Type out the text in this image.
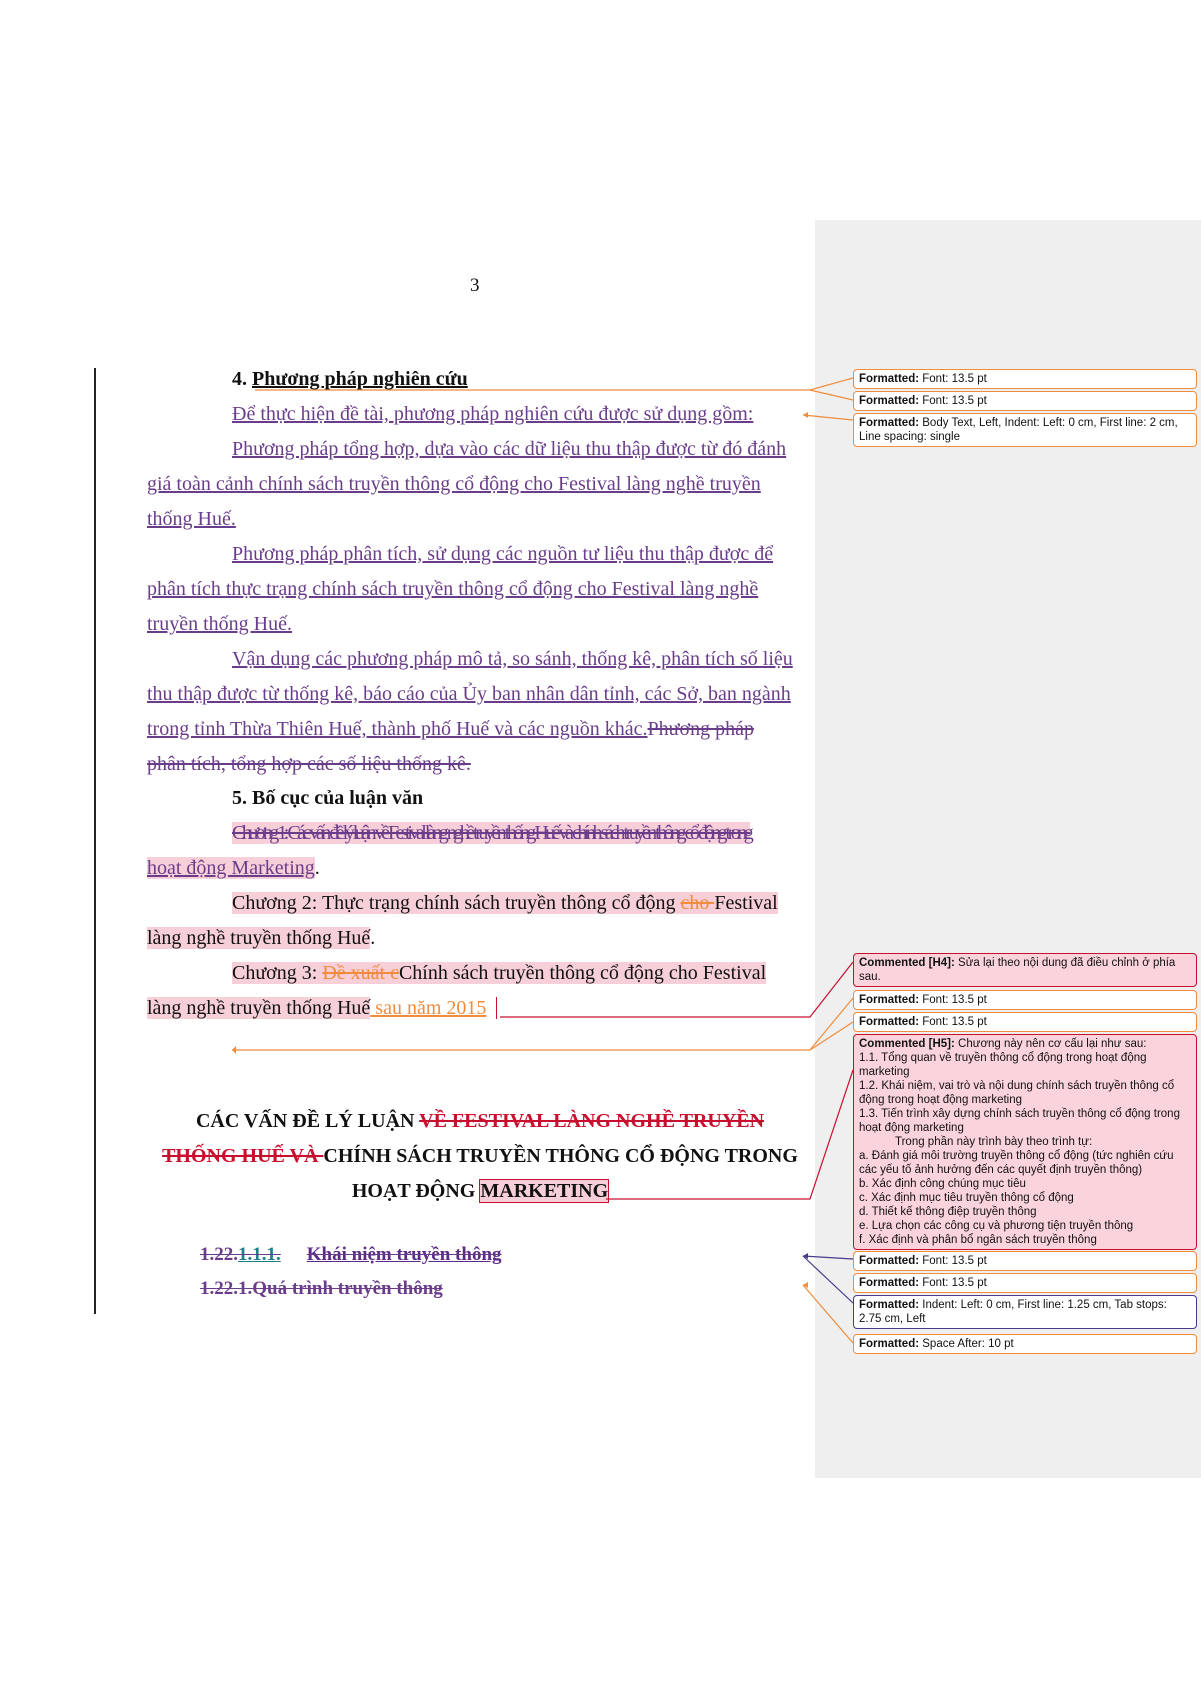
3
4. Phương pháp nghiên cứu
Để thực hiện đề tài, phương pháp nghiên cứu được sử dụng gồm:
Phương pháp tổng hợp, dựa vào các dữ liệu thu thập được từ đó đánh
giá toàn cảnh chính sách truyền thông cổ động cho Festival làng nghề truyền
thống Huế.
Phương pháp phân tích, sử dụng các nguồn tư liệu thu thập được để
phân tích thực trạng chính sách truyền thông cổ động cho Festival làng nghề
truyền thống Huế.
Vận dụng các phương pháp mô tả, so sánh, thống kê, phân tích số liệu
thu thập được từ thống kê, báo cáo của Ủy ban nhân dân tỉnh, các Sở, ban ngành
trong tỉnh Thừa Thiên Huế, thành phố Huế và các nguồn khác.Phương pháp
phân tích, tổng hợp các số liệu thống kê.
5. Bố cục của luận văn
Chương 1: Các vấn đề lý luận về Festival làng nghề truyền thống Huế và chính sách truyền thông cổ động trong
hoạt động Marketing.
Chương 2: Thực trạng chính sách truyền thông cổ động cho Festival
làng nghề truyền thống Huế.
Chương 3: Đề xuất cChính sách truyền thông cổ động cho Festival
làng nghề truyền thống Huế sau năm 2015
CÁC VẤN ĐỀ LÝ LUẬN VỀ FESTIVAL LÀNG NGHỀ TRUYỀN
THỐNG HUẾ VÀ CHÍNH SÁCH TRUYỀN THÔNG CỔ ĐỘNG TRONG
HOẠT ĐỘNG MARKETING
1.22.1.1.1. Khái niệm truyền thông
1.22.1.Quá trình truyền thông
Formatted: Font: 13.5 pt
Formatted: Font: 13.5 pt
Formatted: Body Text, Left, Indent: Left: 0 cm, First line: 2 cm, Line spacing: single
Commented [H4]: Sửa lại theo nội dung đã điều chỉnh ở phía sau.
Formatted: Font: 13.5 pt
Formatted: Font: 13.5 pt
Commented [H5]: Chương này nên cơ cấu lại như sau:
1.1. Tổng quan về truyền thông cổ động trong hoạt động marketing
1.2. Khái niệm, vai trò và nội dung chính sách truyền thông cổ động trong hoạt động marketing
1.3. Tiến trình xây dựng chính sách truyền thông cổ động trong hoạt động marketing
Trong phần này trình bày theo trình tự:
a. Đánh giá môi trường truyền thông cổ động (tức nghiên cứu các yếu tố ảnh hưởng đến các quyết định truyền thông)
b. Xác định công chúng mục tiêu
c. Xác định mục tiêu truyền thông cổ động
d. Thiết kế thông điệp truyền thông
e. Lựa chọn các công cụ và phương tiện truyền thông
f. Xác định và phân bổ ngân sách truyền thông
Formatted: Font: 13.5 pt
Formatted: Font: 13.5 pt
Formatted: Indent: Left: 0 cm, First line: 1.25 cm, Tab stops: 2.75 cm, Left
Formatted: Space After: 10 pt
